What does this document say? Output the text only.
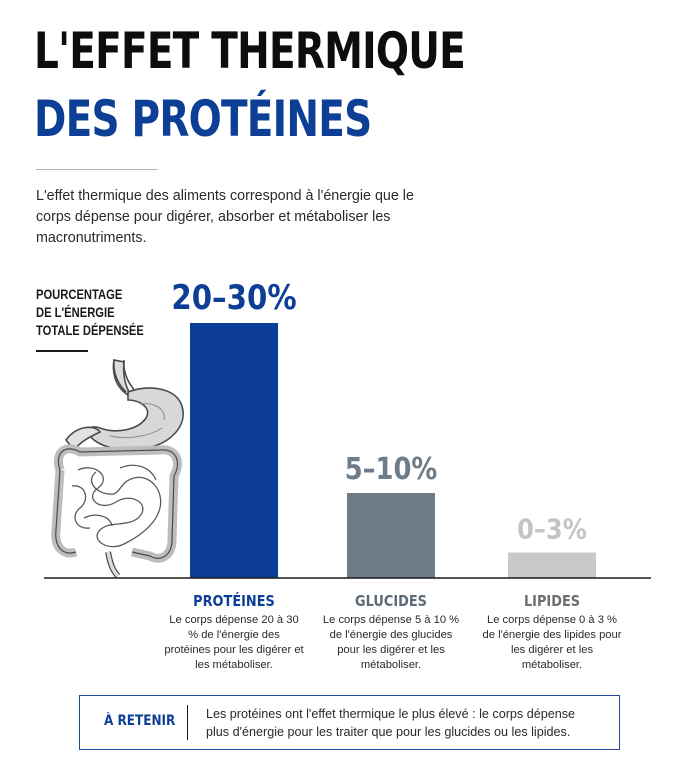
L'EFFET THERMIQUE
DES PROTÉINES

L'effet thermique des aliments correspond à l'énergie que le corps dépense pour digérer, absorber et métaboliser les macronutriments.

POURCENTAGE
DE L'ÉNERGIE
TOTALE DÉPENSÉE

20–30%
5–10%
0–3%

PROTÉINES

Le corps dépense 20 à 30 % de l'énergie des protéines pour les digérer et les métaboliser.

GLUCIDES

Le corps dépense 5 à 10 % de l'énergie des glucides pour les digérer et les métaboliser.

LIPIDES

Le corps dépense 0 à 3 % de l'énergie des lipides pour les digérer et les métaboliser.

À RETENIR Les protéines ont l'effet thermique le plus élevé : le corps dépense plus d'énergie pour les traiter que pour les glucides ou les lipides.
